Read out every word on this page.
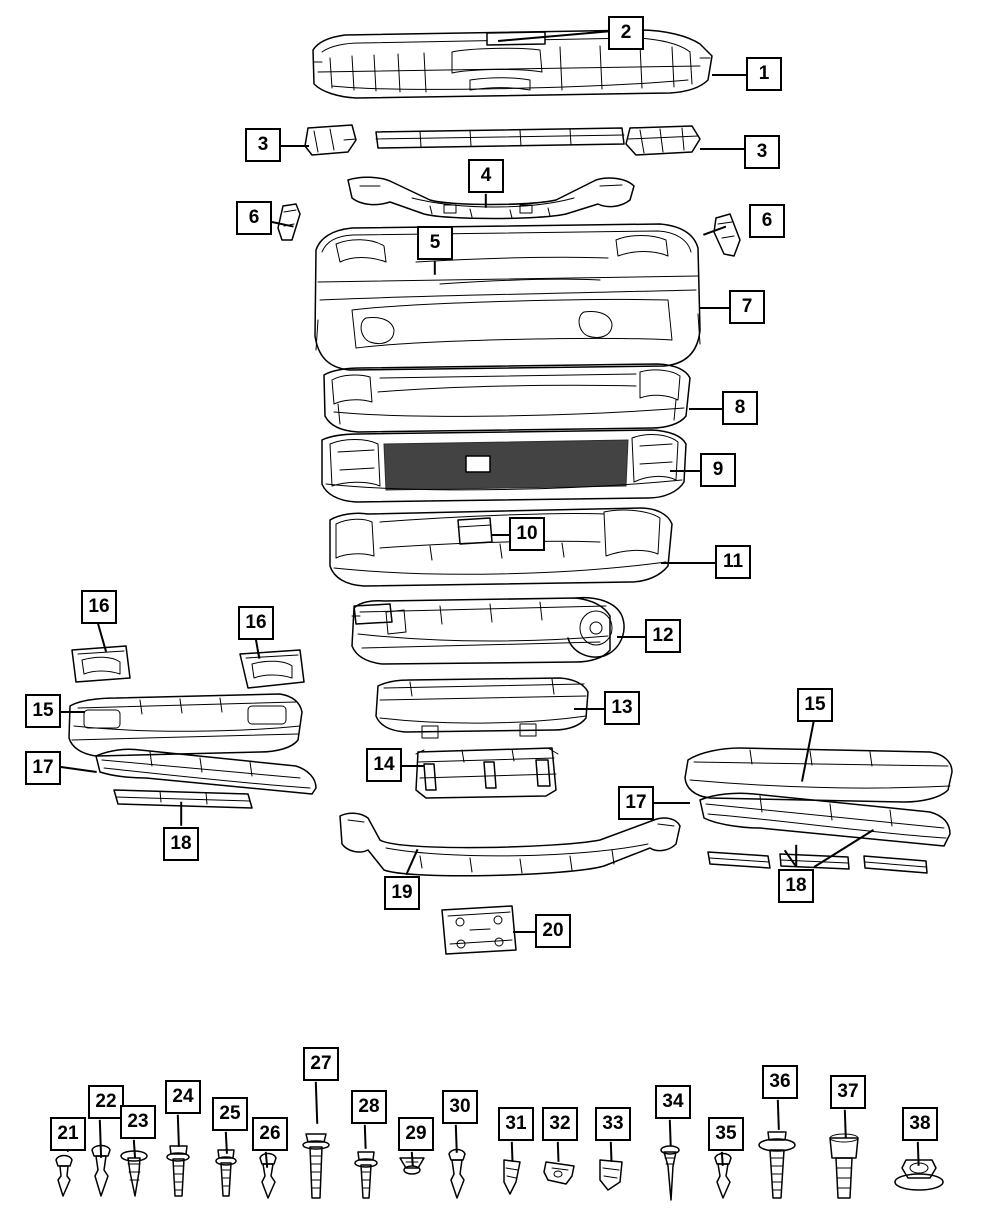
1
2
3	3
4
5
6	6
7
8
9
10
11
12
13
14
15	15
16
16
17
17
18
18
19
20
21
22
23
24
25
26
27
28
29
30
31	32	33
34
35
36	37
38
